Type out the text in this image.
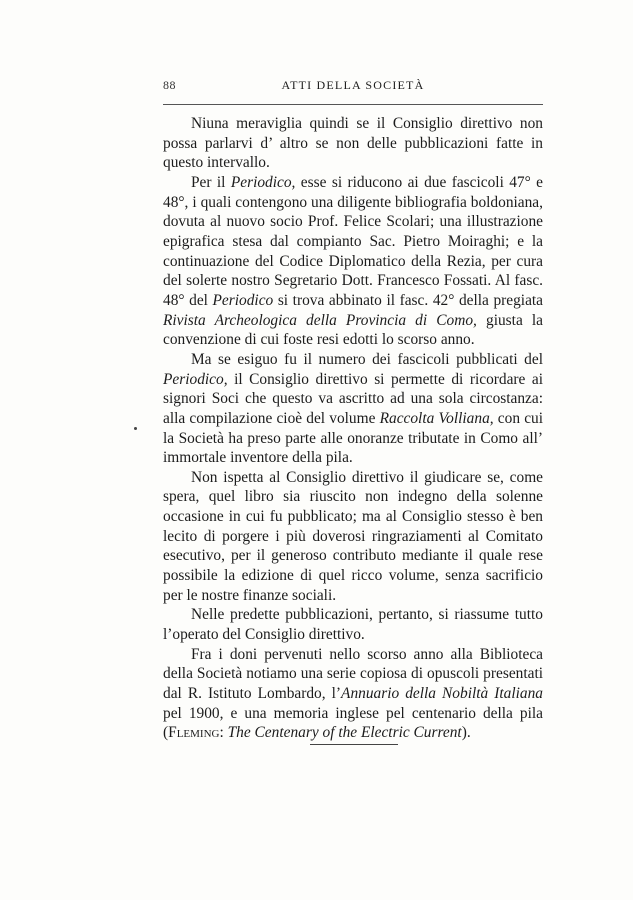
88	ATTI DELLA SOCIETÀ

Niuna meraviglia quindi se il Consiglio direttivo non possa parlarvi d’ altro se non delle pubblicazioni fatte in questo intervallo.

Per il Periodico, esse si riducono ai due fascicoli 47° e 48°, i quali contengono una diligente bibliografia boldoniana, dovuta al nuovo socio Prof. Felice Scolari; una illustrazione epigrafica stesa dal compianto Sac. Pietro Moiraghi; e la continuazione del Codice Diplomatico della Rezia, per cura del solerte nostro Segretario Dott. Francesco Fossati. Al fasc. 48° del Periodico si trova abbinato il fasc. 42° della pregiata Rivista Archeologica della Provincia di Como, giusta la convenzione di cui foste resi edotti lo scorso anno.

Ma se esiguo fu il numero dei fascicoli pubblicati del Periodico, il Consiglio direttivo si permette di ricordare ai signori Soci che questo va ascritto ad una sola circostanza: alla compilazione cioè del volume Raccolta Volliana, con cui la Società ha preso parte alle onoranze tributate in Como all’ immortale inventore della pila.

Non ispetta al Consiglio direttivo il giudicare se, come spera, quel libro sia riuscito non indegno della solenne occasione in cui fu pubblicato; ma al Consiglio stesso è ben lecito di porgere i più doverosi ringraziamenti al Comitato esecutivo, per il generoso contributo mediante il quale rese possibile la edizione di quel ricco volume, senza sacrificio per le nostre finanze sociali.

Nelle predette pubblicazioni, pertanto, si riassume tutto l’operato del Consiglio direttivo.

Fra i doni pervenuti nello scorso anno alla Biblioteca della Società notiamo una serie copiosa di opuscoli presentati dal R. Istituto Lombardo, l’Annuario della Nobiltà Italiana pel 1900, e una memoria inglese pel centenario della pila (Fleming: The Centenary of the Electric Current).
